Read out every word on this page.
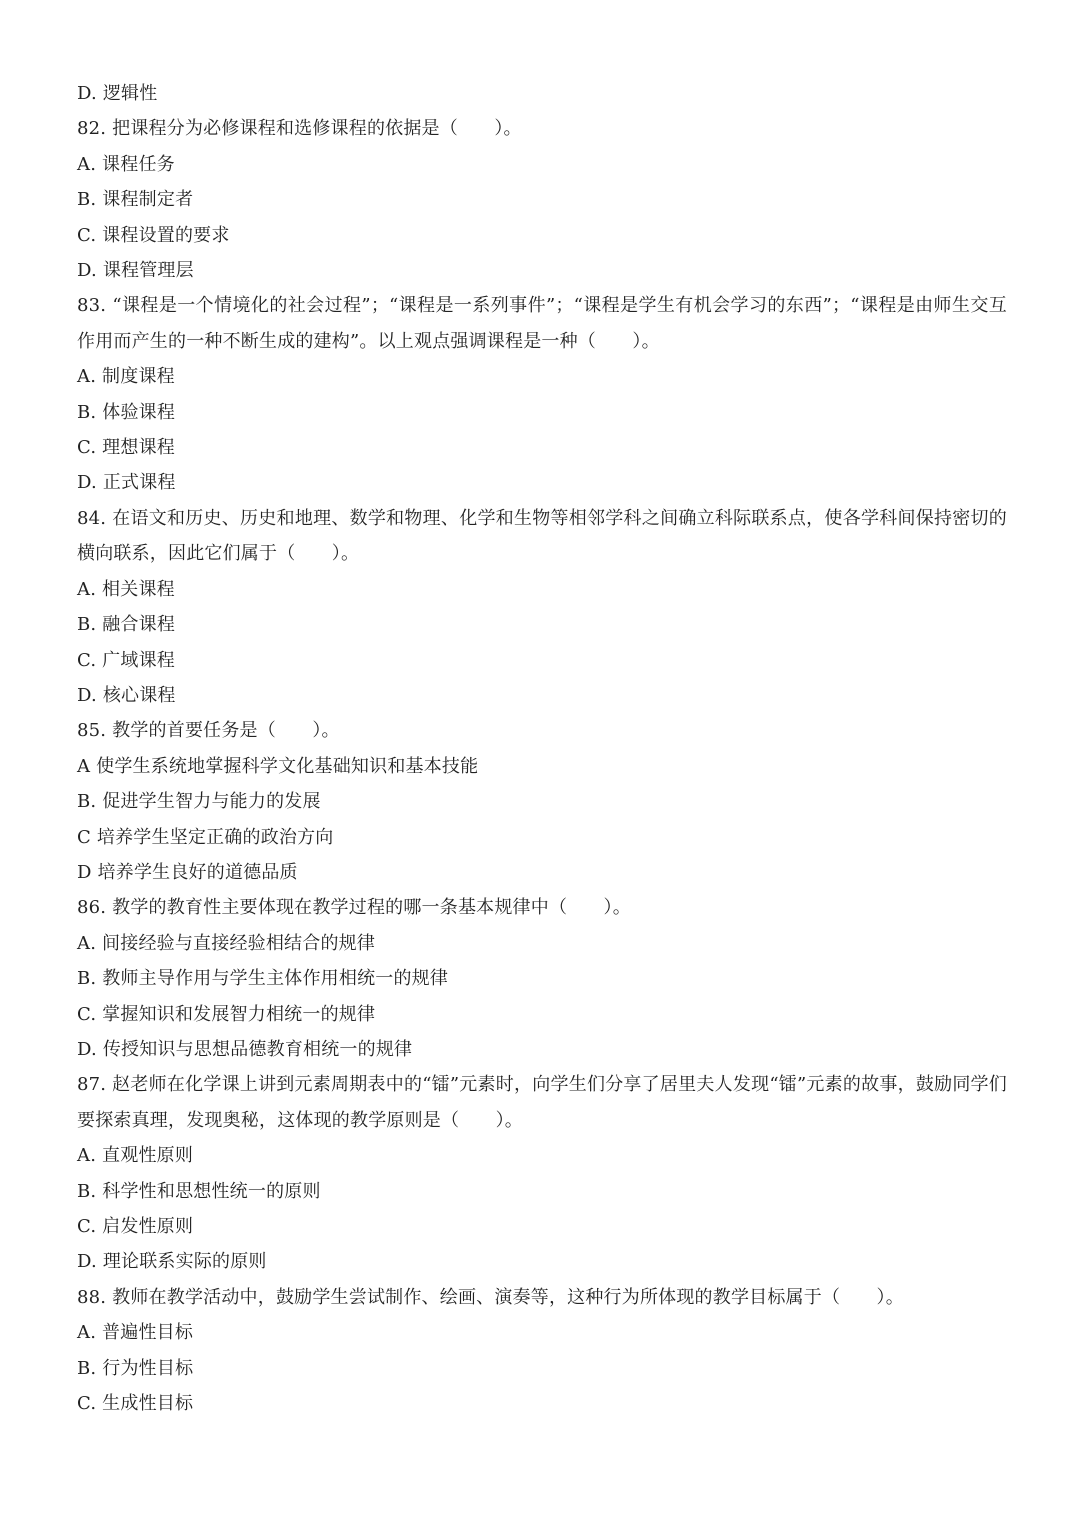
D. 逻辑性
82. 把课程分为必修课程和选修课程的依据是（　　）。
A. 课程任务
B. 课程制定者
C. 课程设置的要求
D. 课程管理层
83. “课程是一个情境化的社会过程”；“课程是一系列事件”；“课程是学生有机会学习的东西”；“课程是由师生交互作用而产生的一种不断生成的建构”。以上观点强调课程是一种（　　）。
A. 制度课程
B. 体验课程
C. 理想课程
D. 正式课程
84. 在语文和历史、历史和地理、数学和物理、化学和生物等相邻学科之间确立科际联系点，使各学科间保持密切的横向联系，因此它们属于（　　）。
A. 相关课程
B. 融合课程
C. 广域课程
D. 核心课程
85. 教学的首要任务是（　　）。
A 使学生系统地掌握科学文化基础知识和基本技能
B. 促进学生智力与能力的发展
C 培养学生坚定正确的政治方向
D 培养学生良好的道德品质
86. 教学的教育性主要体现在教学过程的哪一条基本规律中（　　）。
A. 间接经验与直接经验相结合的规律
B. 教师主导作用与学生主体作用相统一的规律
C. 掌握知识和发展智力相统一的规律
D. 传授知识与思想品德教育相统一的规律
87. 赵老师在化学课上讲到元素周期表中的“镭”元素时，向学生们分享了居里夫人发现“镭”元素的故事，鼓励同学们要探索真理，发现奥秘，这体现的教学原则是（　　）。
A. 直观性原则
B. 科学性和思想性统一的原则
C. 启发性原则
D. 理论联系实际的原则
88. 教师在教学活动中，鼓励学生尝试制作、绘画、演奏等，这种行为所体现的教学目标属于（　　）。
A. 普遍性目标
B. 行为性目标
C. 生成性目标
